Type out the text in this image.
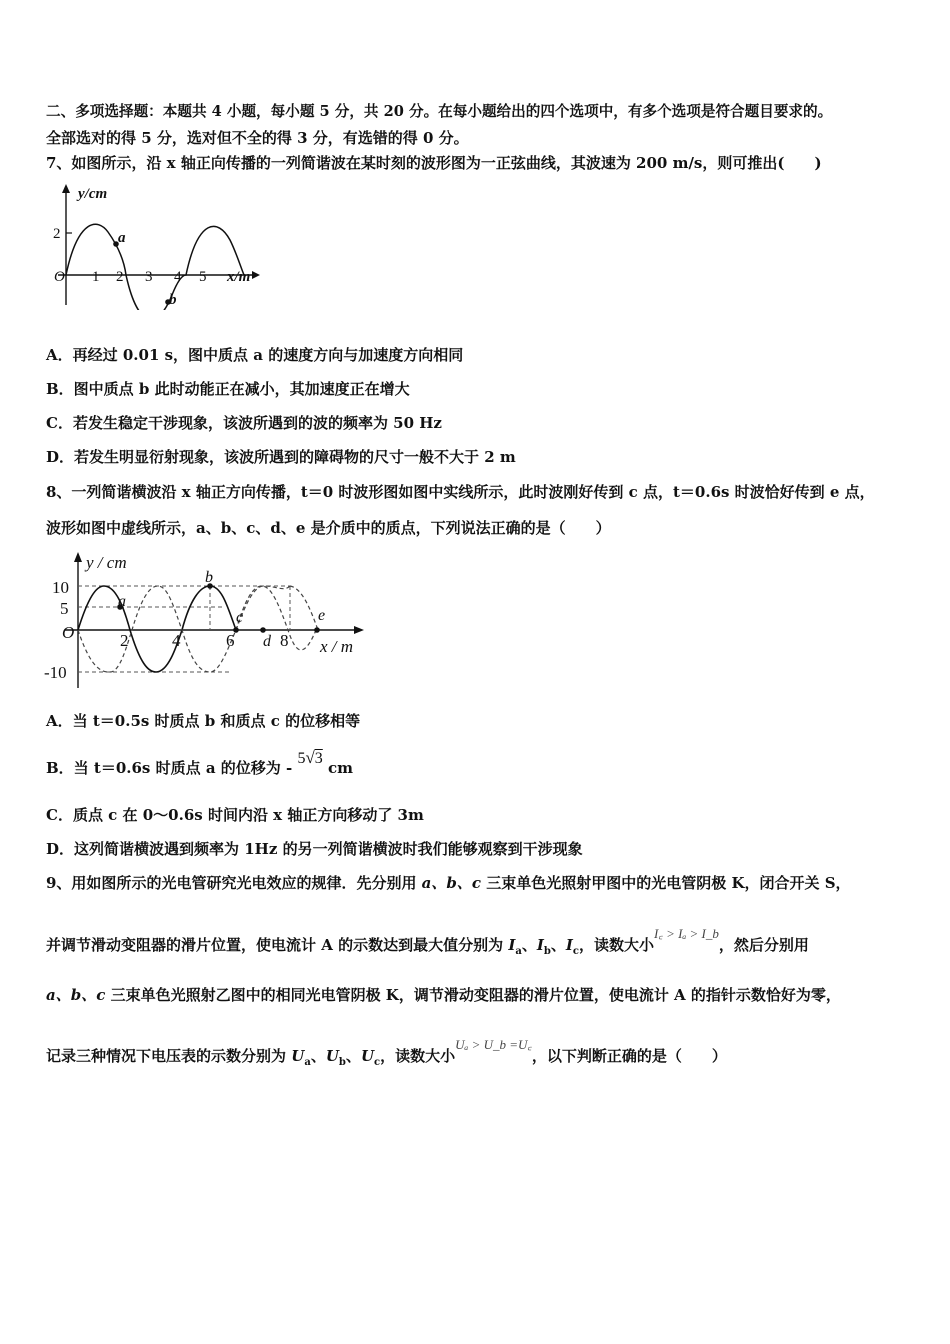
二、多项选择题：本题共 4 小题，每小题 5 分，共 20 分。在每小题给出的四个选项中，有多个选项是符合题目要求的。
全部选对的得 5 分，选对但不全的得 3 分，有选错的得 0 分。
7、如图所示，沿 x 轴正向传播的一列简谐波在某时刻的波形图为一正弦曲线，其波速为 200 m/s，则可推出(　　)
y/cm
2
O 1 2 3 4 5 x/m
a
b
A．再经过 0.01 s，图中质点 a 的速度方向与加速度方向相同
B．图中质点 b 此时动能正在减小，其加速度正在增大
C．若发生稳定干涉现象，该波所遇到的波的频率为 50 Hz
D．若发生明显衍射现象，该波所遇到的障碍物的尺寸一般不大于 2 m
8、一列简谐横波沿 x 轴正方向传播，t＝0 时波形图如图中实线所示，此时波刚好传到 c 点，t＝0.6s 时波恰好传到 e 点，
波形如图中虚线所示，a、b、c、d、e 是介质中的质点，下列说法正确的是（　　）
y / cm
10
5
-10
O	2	4	6	8 x / m
a
b
c
d
e
A．当 t＝0.5s 时质点 b 和质点 c 的位移相等
B．当 t＝0.6s 时质点 a 的位移为 - 5√3 cm
C．质点 c 在 0～0.6s 时间内沿 x 轴正方向移动了 3m
D．这列简谐横波遇到频率为 1Hz 的另一列简谐横波时我们能够观察到干涉现象
9、用如图所示的光电管研究光电效应的规律．先分别用 a、b、c 三束单色光照射甲图中的光电管阴极 K，闭合开关 S，
并调节滑动变阻器的滑片位置，使电流计 A 的示数达到最大值分别为 $I_a$、$I_b$、$I_c$，读数大小I꜀ > Iₐ > I_b，然后分别用
a、b、c 三束单色光照射乙图中的相同光电管阴极 K，调节滑动变阻器的滑片位置，使电流计 A 的指针示数恰好为零，
记录三种情况下电压表的示数分别为 $U_a$、$U_b$、$U_c$，读数大小Uₐ > U_b =U꜀，以下判断正确的是（　　）
